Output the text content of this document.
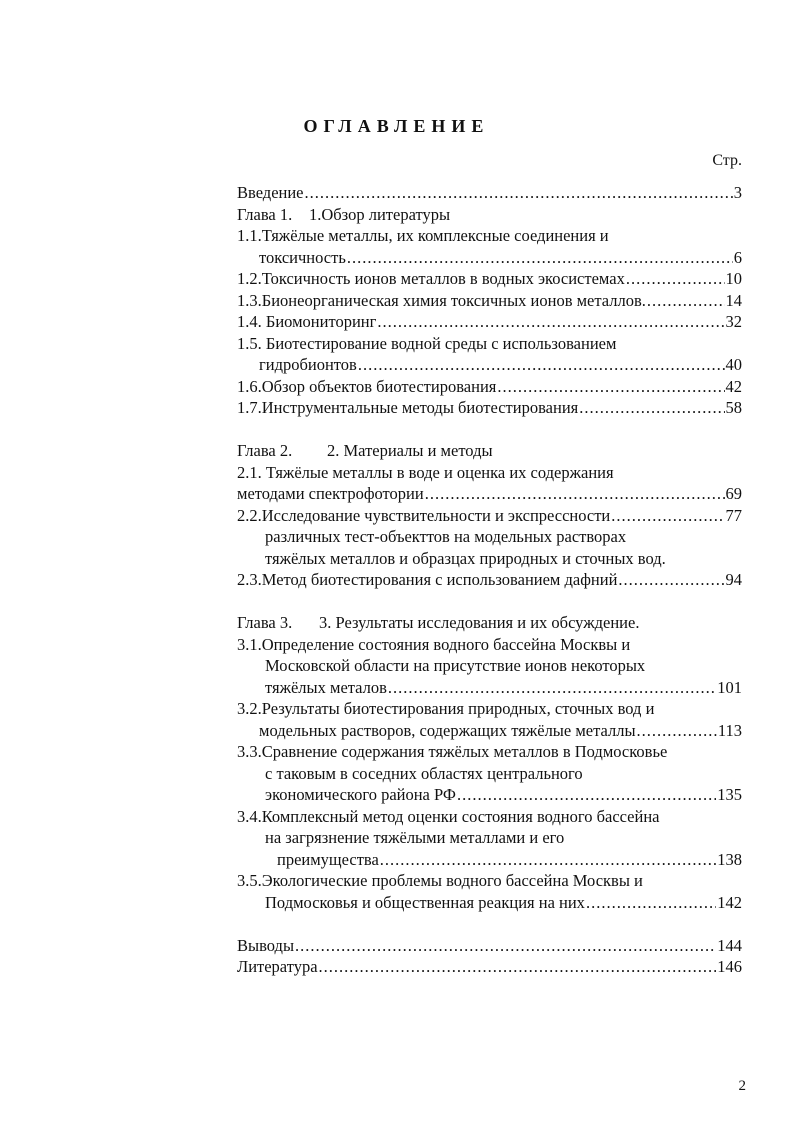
ОГЛАВЛЕНИЕ
Стр.
Введение .....	3
Глава 1.	1.Обзор литературы
1.1.Тяжёлые металлы, их комплексные соединения и
токсичность .....	6
1.2.Токсичность ионов металлов в водных экосистемах .....	10
1.3.Бионеорганическая химия токсичных ионов металлов. .....	14
1.4. Биомониторинг .....	32
1.5. Биотестирование водной среды с использованием
гидробионтов .....	40
1.6.Обзор объектов биотестирования .....	42
1.7.Инструментальные методы биотестирования .....	58
Глава 2.	2. Материалы и методы
2.1. Тяжёлые металлы в воде и оценка их содержания
методами спектрофотории .....	69
2.2.Исследование чувствительности и экспрессности .....	77
различных тест-объекттов на модельных растворах
тяжёлых металлов и образцах природных и сточных вод.
2.3.Метод биотестирования с использованием дафний .....	94
Глава 3.	3. Результаты исследования и их обсуждение.
3.1.Определение состояния водного бассейна Москвы и
Московской области на присутствие ионов некоторых
тяжёлых металов .....	101
3.2.Результаты биотестирования природных, сточных вод и
модельных растворов, содержащих тяжёлые металлы .....	113
3.3.Сравнение содержания тяжёлых металлов в Подмосковье
с таковым в соседних областях центрального
экономического района РФ .....	135
3.4.Комплексный метод оценки состояния водного бассейна
на загрязнение тяжёлыми металлами и его
преимущества .....	138
3.5.Экологические проблемы водного бассейна Москвы и
Подмосковья и общественная реакция на них .....	142
Выводы .....	144
Литература .....	146
2
